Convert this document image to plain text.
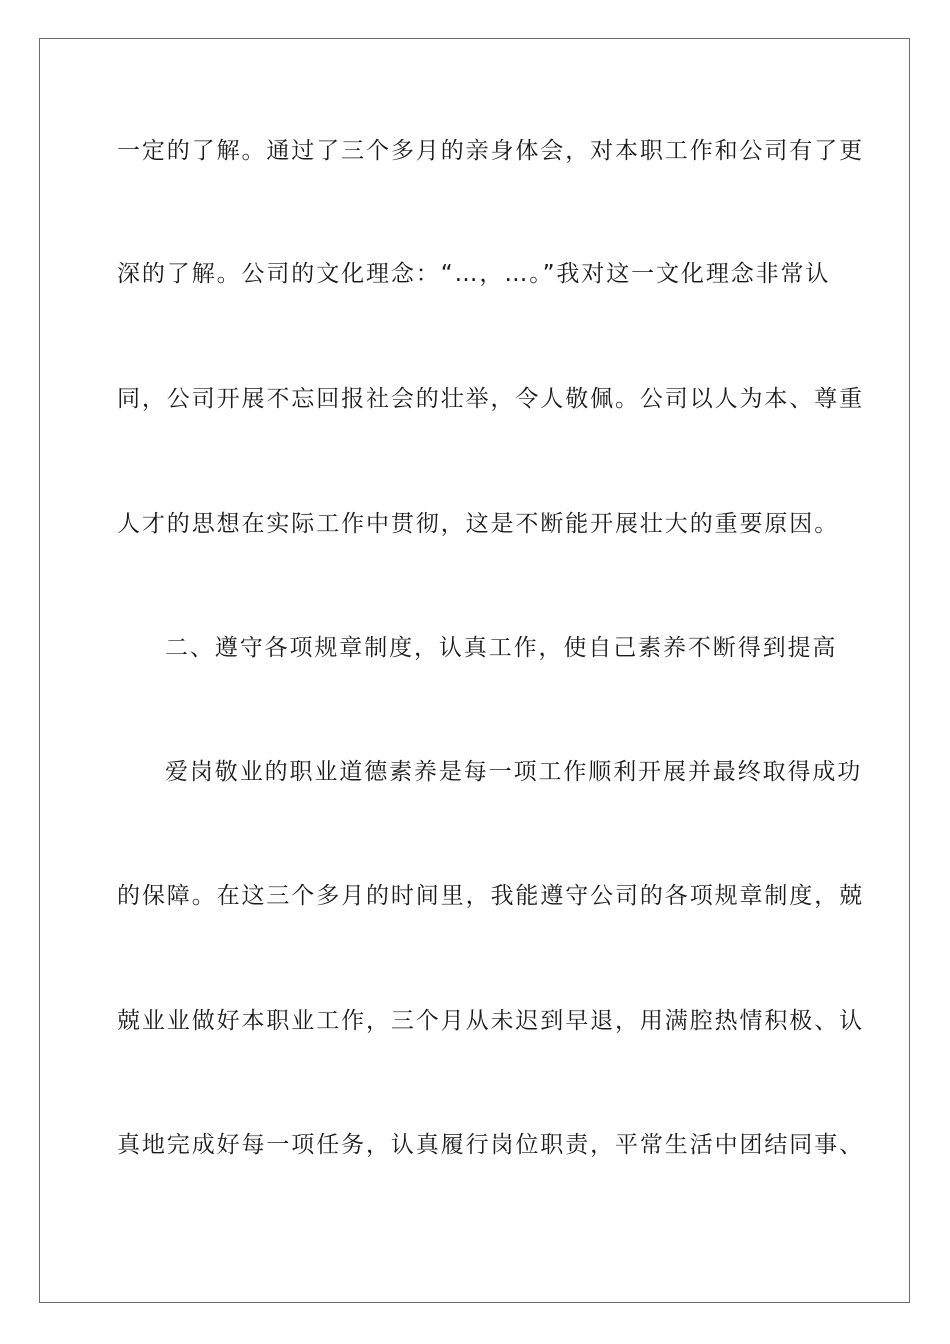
一定的了解。通过了三个多月的亲身体会，对本职工作和公司有了更
深的了解。公司的文化理念：“…，…。”我对这一文化理念非常认
同，公司开展不忘回报社会的壮举，令人敬佩。公司以人为本、尊重
人才的思想在实际工作中贯彻，这是不断能开展壮大的重要原因。
二、遵守各项规章制度，认真工作，使自己素养不断得到提高
爱岗敬业的职业道德素养是每一项工作顺利开展并最终取得成功
的保障。在这三个多月的时间里，我能遵守公司的各项规章制度，兢
兢业业做好本职业工作，三个月从未迟到早退，用满腔热情积极、认
真地完成好每一项任务，认真履行岗位职责，平常生活中团结同事、
